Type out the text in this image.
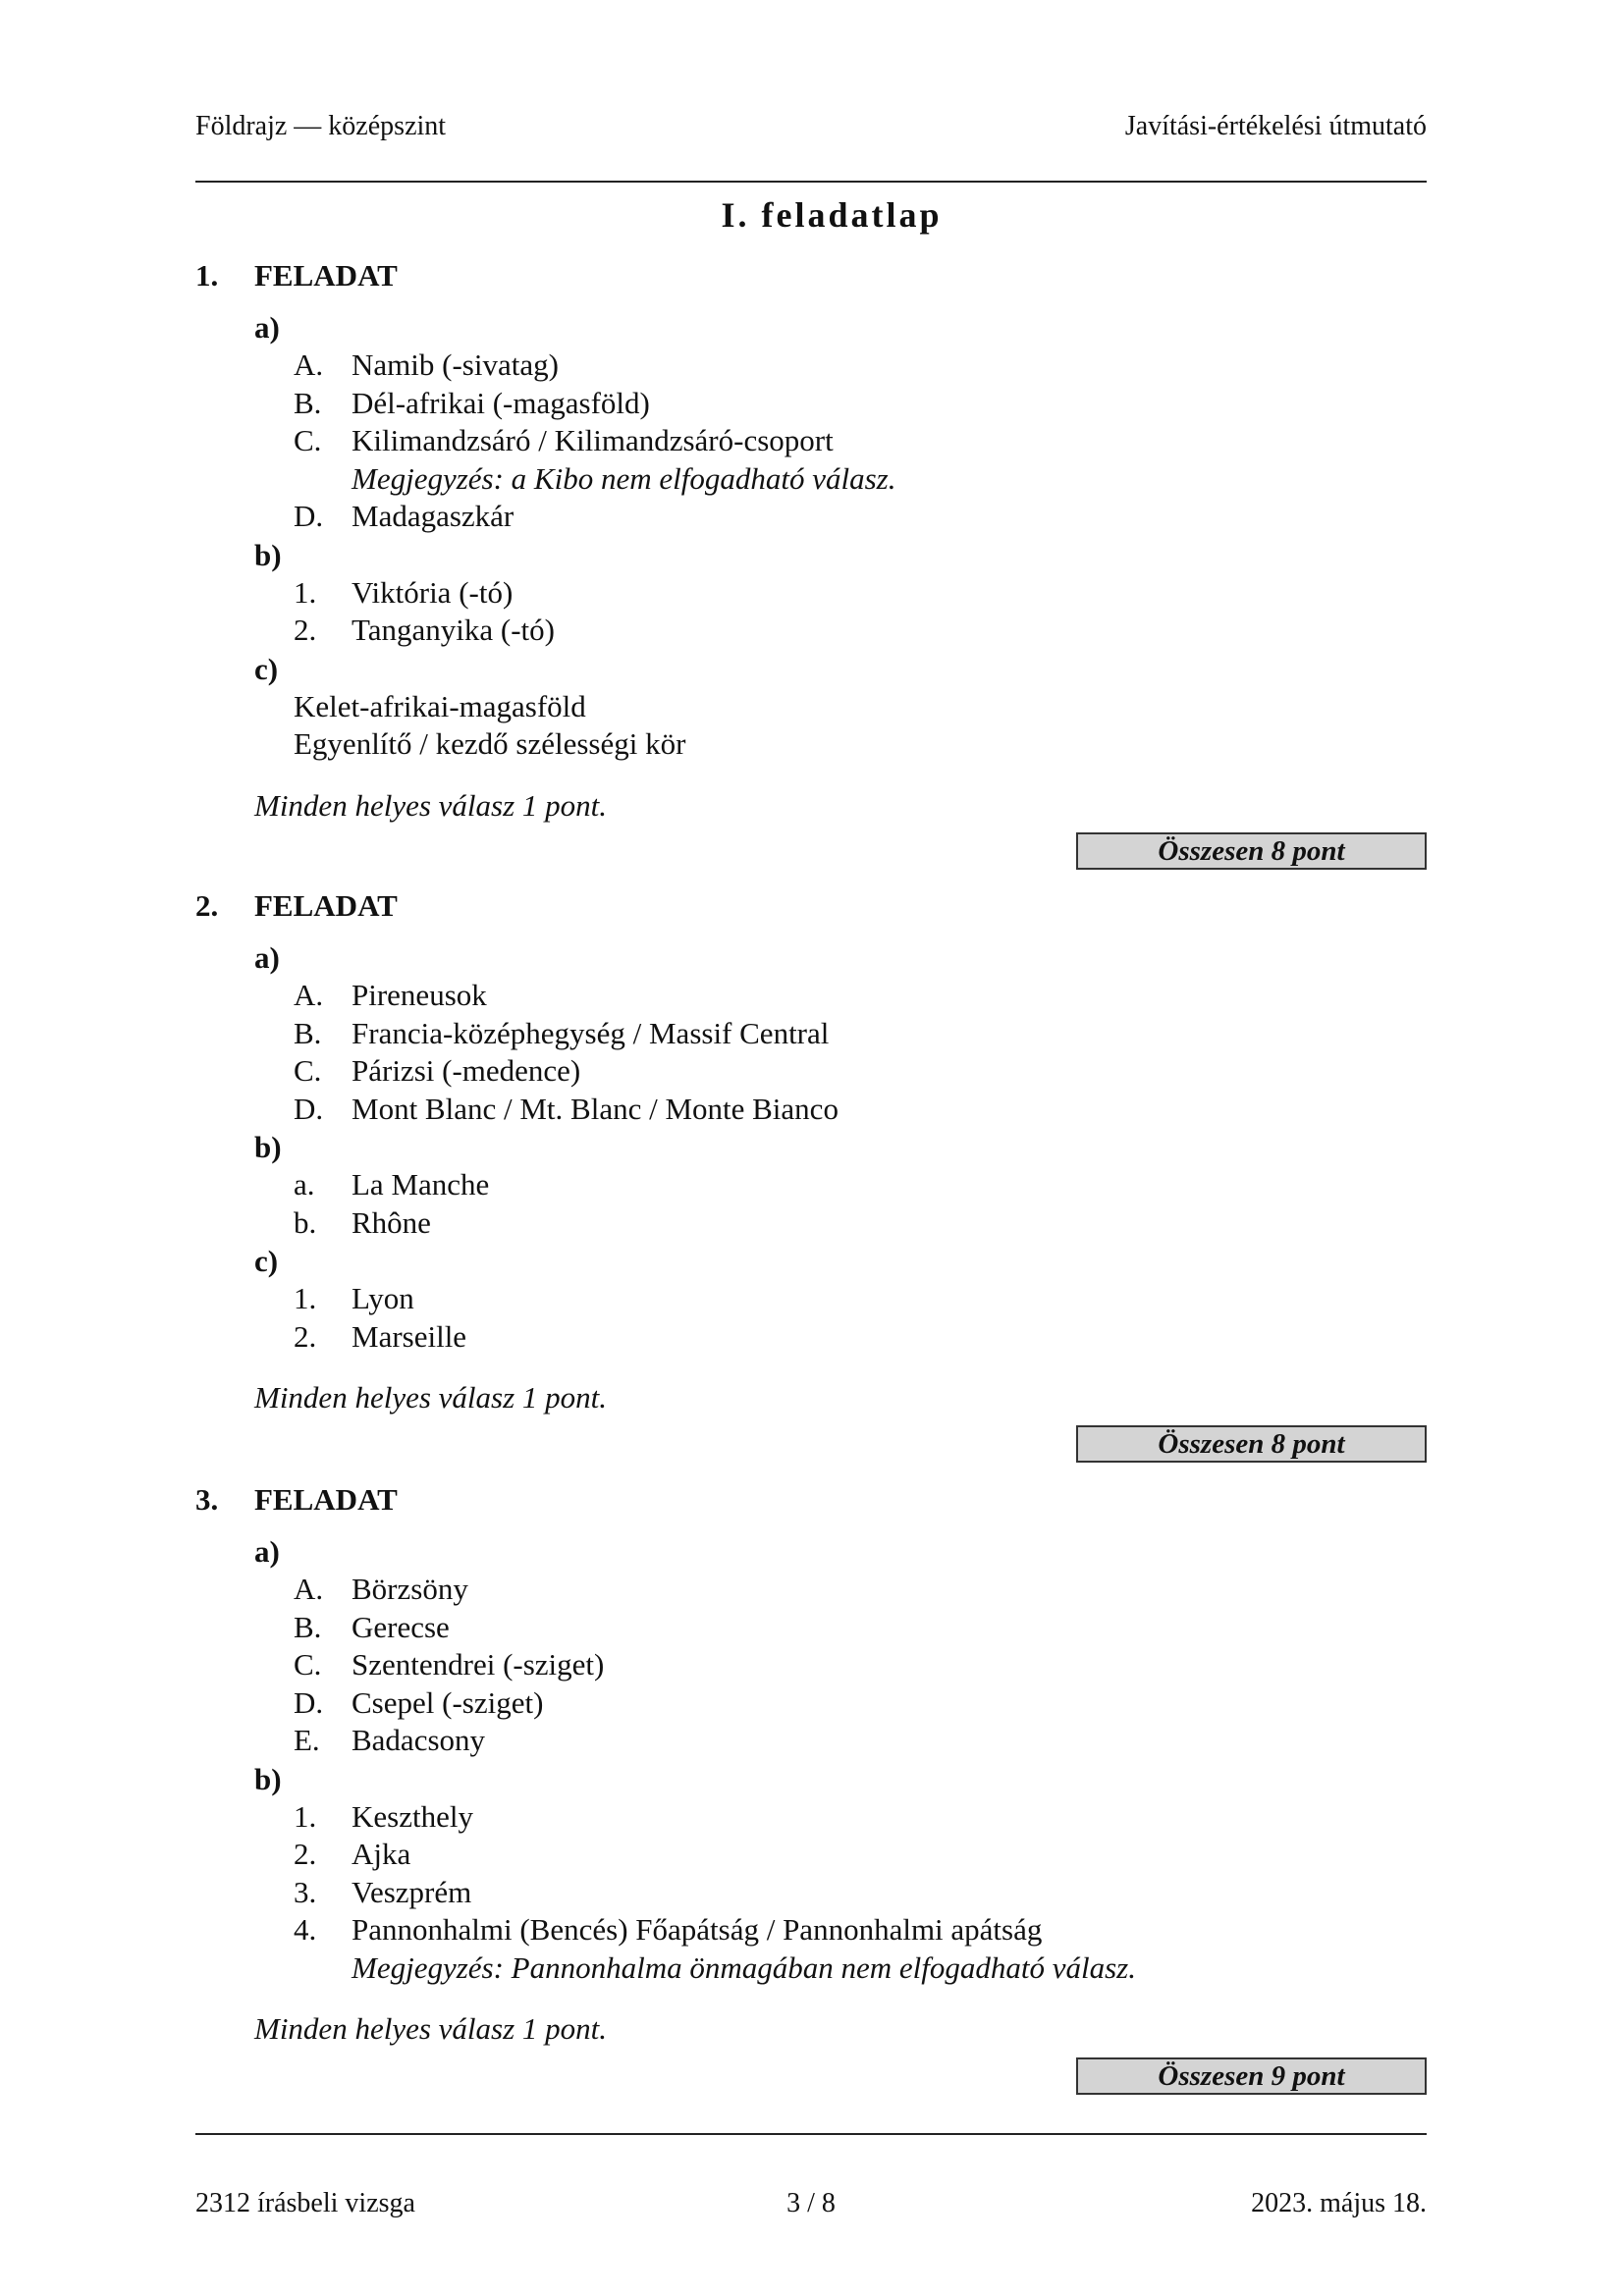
Földrajz — középszint	Javítási-értékelési útmutató
I. feladatlap
1.	FELADAT
a)
A. Namib (-sivatag)
B. Dél-afrikai (-magasföld)
C. Kilimandzsáró / Kilimandzsáró-csoport
Megjegyzés: a Kibo nem elfogadható válasz.
D. Madagaszkár
b)
1.	Viktória (-tó)
2.	Tanganyika (-tó)
c)
Kelet-afrikai-magasföld
Egyenlítő / kezdő szélességi kör
Minden helyes válasz 1 pont.
Összesen 8 pont
2.	FELADAT
a)
A. Pireneusok
B. Francia-középhegység / Massif Central
C. Párizsi (-medence)
D. Mont Blanc / Mt. Blanc / Monte Bianco
b)
a.	La Manche
b.	Rhône
c)
1.	Lyon
2.	Marseille
Minden helyes válasz 1 pont.
Összesen 8 pont
3.	FELADAT
a)
A. Börzsöny
B. Gerecse
C. Szentendrei (-sziget)
D. Csepel (-sziget)
E.	Badacsony
b)
1.	Keszthely
2.	Ajka
3.	Veszprém
4.	Pannonhalmi (Bencés) Főapátság / Pannonhalmi apátság
Megjegyzés: Pannonhalma önmagában nem elfogadható válasz.
Minden helyes válasz 1 pont.
Összesen 9 pont
2312 írásbeli vizsga	3 / 8	2023. május 18.
